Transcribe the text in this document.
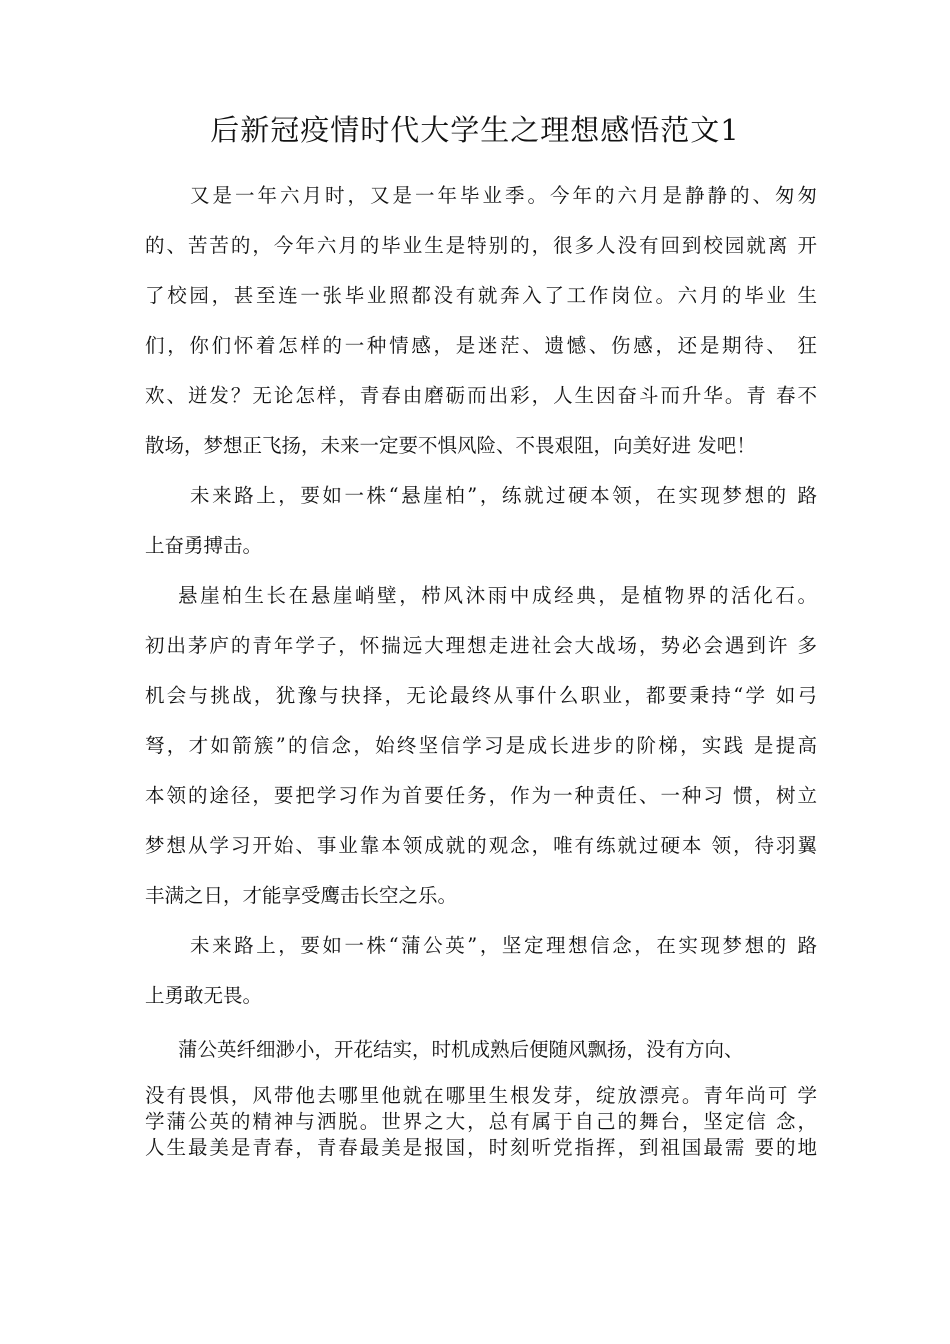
后新冠疫情时代大学生之理想感悟范文1
又是一年六月时，又是一年毕业季。今年的六月是静静的、匆匆
的、苦苦的，今年六月的毕业生是特别的，很多人没有回到校园就离 开
了校园，甚至连一张毕业照都没有就奔入了工作岗位。六月的毕业 生
们，你们怀着怎样的一种情感，是迷茫、遗憾、伤感，还是期待、 狂
欢、迸发？无论怎样，青春由磨砺而出彩，人生因奋斗而升华。青 春不
散场，梦想正飞扬，未来一定要不惧风险、不畏艰阻，向美好进 发吧！
未来路上，要如一株“悬崖柏”，练就过硬本领，在实现梦想的 路
上奋勇搏击。
悬崖柏生长在悬崖峭壁，栉风沐雨中成经典，是植物界的活化石。
初出茅庐的青年学子，怀揣远大理想走进社会大战场，势必会遇到许 多
机会与挑战，犹豫与抉择，无论最终从事什么职业，都要秉持“学 如弓
弩，才如箭簇”的信念，始终坚信学习是成长进步的阶梯，实践 是提高
本领的途径，要把学习作为首要任务，作为一种责任、一种习 惯，树立
梦想从学习开始、事业靠本领成就的观念，唯有练就过硬本 领，待羽翼
丰满之日，才能享受鹰击长空之乐。
未来路上，要如一株“蒲公英”，坚定理想信念，在实现梦想的 路
上勇敢无畏。
蒲公英纤细渺小，开花结实，时机成熟后便随风飘扬，没有方向、
没有畏惧，风带他去哪里他就在哪里生根发芽，绽放漂亮。青年尚可 学
学蒲公英的精神与洒脱。世界之大，总有属于自己的舞台，坚定信 念，
人生最美是青春，青春最美是报国，时刻听党指挥，到祖国最需 要的地
